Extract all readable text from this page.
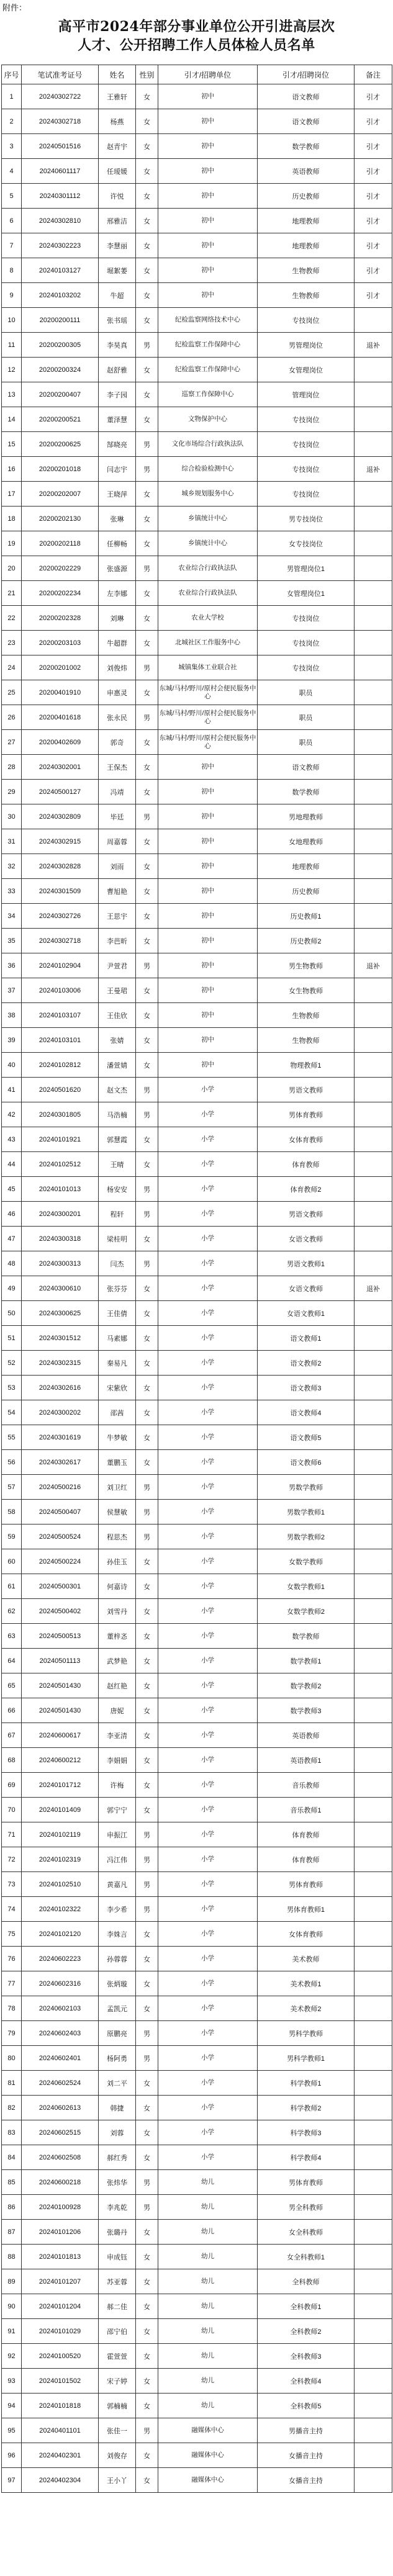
附件：
高平市2024年部分事业单位公开引进高层次
人才、公开招聘工作人员体检人员名单
序号	笔试准考证号	姓名	性别	引才/招聘单位	引才/招聘岗位	备注
1	20240302722	王雅轩	女	初中	语文教师	引才
2	20240302718	杨燕	女	初中	语文教师	引才
3	20240501516	赵青宇	女	初中	数学教师	引才
4	20240601117	任瑷媛	女	初中	英语教师	引才
5	20240301112	许悦	女	初中	历史教师	引才
6	20240302810	邢雅洁	女	初中	地理教师	引才
7	20240302223	李慧丽	女	初中	地理教师	引才
8	20240103127	堀絮萎	女	初中	生物教师	引才
9	20240103202	牛超	女	初中	生物教师	引才
10	20200200111	张书瑶	女	纪检监察网络技术中心	专技岗位	
11	20200200305	李昊真	男	纪检监察工作保障中心	男管理岗位	退补
12	20200200324	赵舒雅	女	纪检监察工作保障中心	女管理岗位	
13	20200200407	李子园	女	巡察工作保障中心	管理岗位	
14	20200200521	董泽慧	女	文物保护中心	专技岗位	
15	20200200625	郜晓亮	男	文化市场综合行政执法队	专技岗位	
16	20200201018	闫志宇	男	综合检验检测中心	专技岗位	退补
17	20200202007	王晓萍	女	城乡规划服务中心	专技岗位	
18	20200202130	张琳	女	乡镇统计中心	男专技岗位	
19	20200202118	任柳畅	女	乡镇统计中心	女专技岗位	
20	20200202229	张盛源	男	农业综合行政执法队	男管理岗位1	
21	20200202234	左李娜	女	农业综合行政执法队	女管理岗位1	
22	20200202328	刘琳	女	农业大学校	专技岗位	
23	20200203103	牛超群	女	北城社区工作服务中心	专技岗位	
24	20200201002	刘俊炜	男	城镇集体工业联合社	专技岗位	
25	20200401910	申惠灵	女	东城/马村/野川/原村会便民服务中心	职员	
26	20200401618	张永民	男	东城/马村/野川/原村会便民服务中心	职员	
27	20200402609	郭奇	女	东城/马村/野川/原村会便民服务中心	职员	
28	20240302001	王保杰	女	初中	语文教师	
29	20240500127	冯靖	女	初中	数学教师	
30	20240302809	毕廷	男	初中	男地理教师	
31	20240302915	周嘉蓉	女	初中	女地理教师	
32	20240302828	刘雨	女	初中	地理教师	
33	20240301509	曹旭艳	女	初中	历史教师	
34	20240302726	王思宇	女	初中	历史教师1	
35	20240302718	李芭昕	女	初中	历史教师2	
36	20240102904	尹萱君	男	初中	男生物教师	退补
37	20240103006	王曼珺	女	初中	女生物教师	
38	20240103107	王佳欣	女	初中	生物教师	
39	20240103101	张婧	女	初中	生物教师	
40	20240102812	潘萱婧	女	初中	物理教师1	
41	20240501620	赵文杰	男	小学	男语文教师	
42	20240301805	马浩楠	男	小学	男体育教师	
43	20240101921	郭慧霞	女	小学	女体育教师	
44	20240102512	王晴	女	小学	体育教师	
45	20240101013	杨安安	男	小学	体育教师2	
46	20240300201	程轩	男	小学	男语文教师	
47	20240300318	梁桂明	女	小学	女语文教师	
48	20240300313	闫杰	男	小学	男语文教师1	
49	20240300610	张芬芬	女	小学	女语文教师	退补
50	20240300625	王佳倩	女	小学	女语文教师1	
51	20240301512	马素娜	女	小学	语文教师1	
52	20240302315	秦易凡	女	小学	语文教师2	
53	20240302616	宋紫欣	女	小学	语文教师3	
54	20240300202	邵茜	女	小学	语文教师4	
55	20240301619	牛梦敏	女	小学	语文教师5	
56	20240302617	董鹏玉	女	小学	语文教师6	
57	20240500216	刘卫红	男	小学	男数学教师	
58	20240500407	侯慧敏	男	小学	男数学教师1	
59	20240500524	程思杰	男	小学	男数学教师2	
60	20240500224	孙佳玉	女	小学	女数学教师	
61	20240500301	何嘉诗	女	小学	女数学教师1	
62	20240500402	刘雪丹	女	小学	女数学教师2	
63	20240500513	董梓忞	女	小学	数学教师	
64	20240501113	武梦艳	女	小学	数学教师1	
65	20240501430	赵红艳	女	小学	数学教师2	
66	20240501430	唐妮	女	小学	数学教师3	
67	20240600617	李亚清	女	小学	英语教师	
68	20240600212	李娟娟	女	小学	英语教师1	
69	20240101712	许梅	女	小学	音乐教师	
70	20240101409	郭宁宁	女	小学	音乐教师1	
71	20240102119	申振江	男	小学	体育教师	
72	20240102319	冯江伟	男	小学	体育教师	
73	20240102510	黄嘉凡	男	小学	男体育教师	
74	20240102322	李少希	男	小学	男体育教师1	
75	20240102120	李姝言	女	小学	女体育教师	
76	20240602223	孙蓉蓉	女	小学	美术教师	
77	20240602316	张炳璇	女	小学	美术教师1	
78	20240602103	孟凯元	女	小学	美术教师2	
79	20240602403	原鹏亮	男	小学	男科学教师	
80	20240602401	杨阿勇	男	小学	男科学教师1	
81	20240602524	刘二平	女	小学	科学教师1	
82	20240602613	韩捷	女	小学	科学教师2	
83	20240602515	刘蓉	女	小学	科学教师3	
84	20240602508	郝红秀	女	小学	科学教师4	
85	20240600218	张炜华	男	幼儿	男体育教师	
86	20240100928	李兆乾	男	幼儿	男全科教师	
87	20240101206	张璐丹	女	幼儿	女全科教师	
88	20240101813	申成钰	女	幼儿	女全科教师1	
89	20240101207	苏亚蓉	女	幼儿	全科教师	
90	20240101204	郝二佳	女	幼儿	全科教师1	
91	20240101029	邵宁伯	女	幼儿	全科教师2	
92	20240100520	霍萱萱	女	幼儿	全科教师3	
93	20240101502	宋子婷	女	幼儿	全科教师4	
94	20240101818	郭楠楠	女	幼儿	全科教师5	
95	20240401101	张佳一	男	融媒体中心	男播音主持	
96	20240402301	刘俊存	女	融媒体中心	女播音主持	
97	20240402304	王小丫	女	融媒体中心	女播音主持	
